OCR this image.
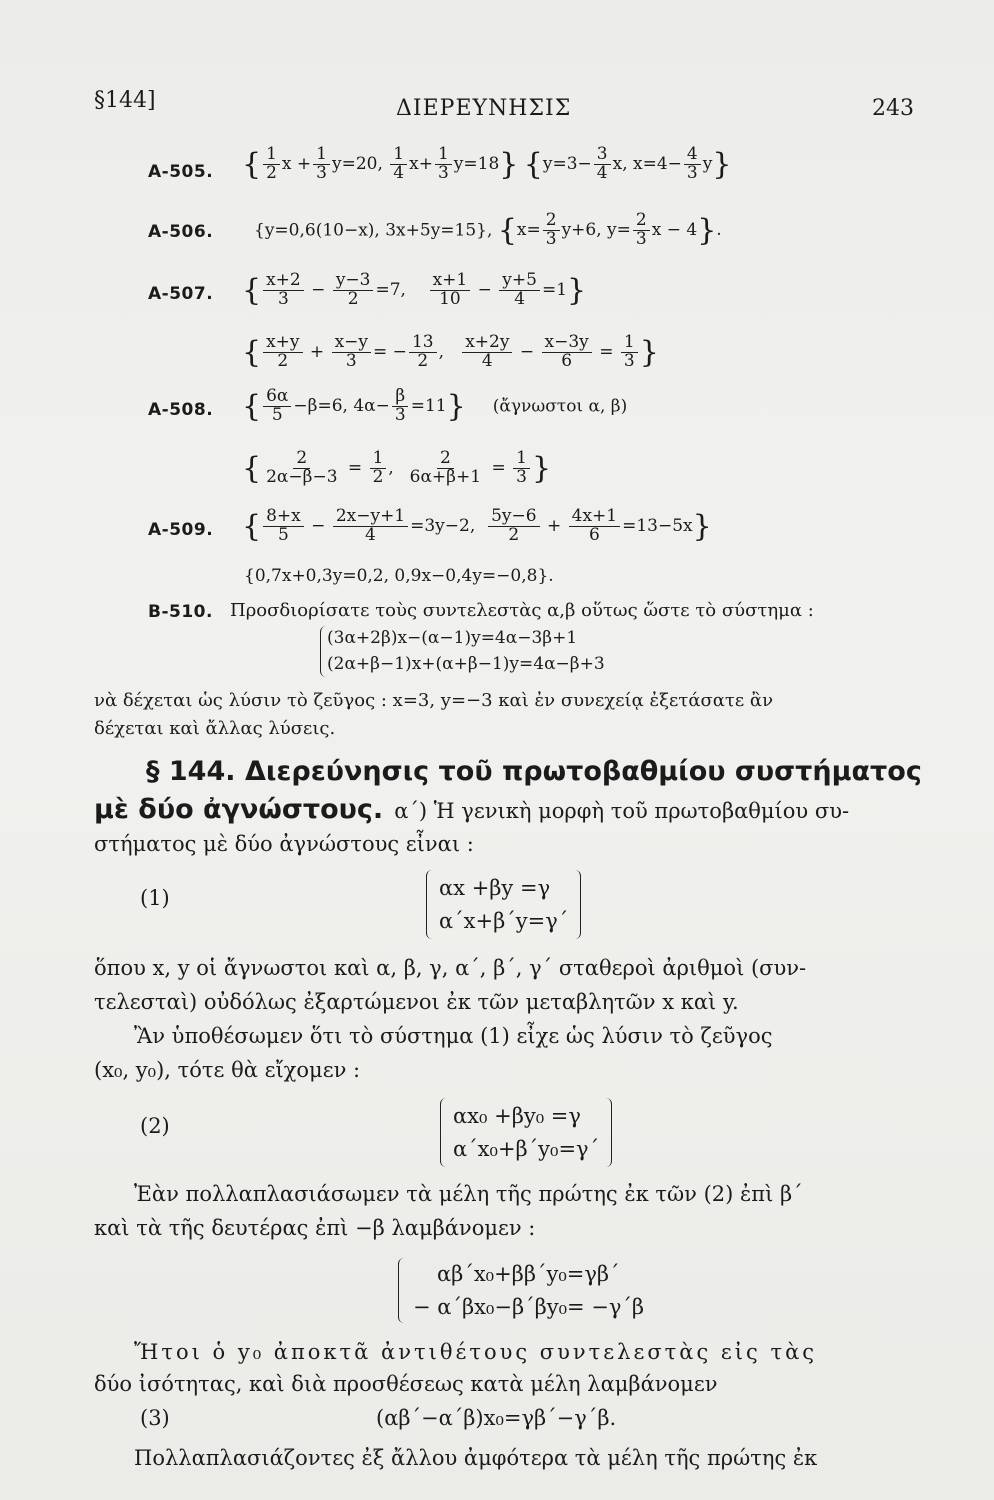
§144]	ΔΙΕΡΕΥΝΗΣΙΣ	243
Α-505. { $\frac{1}{2}$ $x + \frac{1}{3} y=20$, $\frac{1}{4} x+ \frac{1}{3} y=18$} {$y=3- \frac{3}{4} x$, $x=4- \frac{4}{3} y$}
Α-506. {y=0,6(10−x), 3x+5y=15}, {$x= \frac{2}{3} y+6$, $y= \frac{2}{3}$ x − 4}.
Α-507. { $\frac{x+2}{3} - \frac{y-3}{2} =7$, $\frac{x+1}{10} - \frac{y+5}{4} =1$}
{ $\frac{x+y}{2} + \frac{x-y}{3}$ = − $\frac{13}{2}$ , $\frac{x+2y}{4} - \frac{x-3y}{6} = \frac{1}{3}$ }
Α-508. { $\frac{6\alpha}{5} -\beta=6$, $4\alpha- \frac{\beta}{3} =11$} (ἄγνωστοι α, β)
{ $\frac{2}{2\alpha-\beta-3} = \frac{1}{2}$ , $\frac{2}{6\alpha+\beta+1} = \frac{1}{3}$ }
Α-509. { $\frac{8+x}{5} - \frac{2x-y+1}{4} =3y-2$, $\frac{5y-6}{2} + \frac{4x+1}{6} =13-5x$}
{0,7x+0,3y=0,2, 0,9x−0,4y=−0,8}.
Β-510. Προσδιορίσατε τοὺς συντελεστὰς α,β οὕτως ὥστε τὸ σύστημα :
(3α+2β)x−(α−1)y=4α−3β+1
(2α+β−1)x+(α+β−1)y=4α−β+3
νὰ δέχεται ὡς λύσιν τὸ ζεῦγος : x=3, y=−3 καὶ ἐν συνεχείᾳ ἐξετάσατε ἂν
δέχεται καὶ ἄλλας λύσεις.
§ 144. Διερεύνησις τοῦ πρωτοβαθμίου συστήματος
μὲ δύο ἀγνώστους. α΄) Ἡ γενικὴ μορφὴ τοῦ πρωτοβαθμίου συ-
στήματος μὲ δύο ἀγνώστους εἶναι :
(1)	αx +βy =γ
α΄x+β΄y=γ΄
ὅπου x, y οἱ ἄγνωστοι καὶ α, β, γ, α΄, β΄, γ΄ σταθεροὶ ἀριθμοὶ (συν-
τελεσταὶ) οὐδόλως ἐξαρτώμενοι ἐκ τῶν μεταβλητῶν x καὶ y.
Ἂν ὑποθέσωμεν ὅτι τὸ σύστημα (1) εἶχε ὡς λύσιν τὸ ζεῦγος
(x₀, y₀), τότε θὰ εἴχομεν :
(2)	αx₀ +βy₀ =γ
α΄x₀+β΄y₀=γ΄
Ἐὰν πολλαπλασιάσωμεν τὰ μέλη τῆς πρώτης ἐκ τῶν (2) ἐπὶ β΄
καὶ τὰ τῆς δευτέρας ἐπὶ −β λαμβάνομεν :
αβ΄x₀+ββ΄y₀=γβ΄
− α΄βx₀−β΄βy₀= −γ΄β
Ἤτοι ὁ y₀ ἀποκτᾶ ἀντιθέτους συντελεστὰς εἰς τὰς
δύο ἰσότητας, καὶ διὰ προσθέσεως κατὰ μέλη λαμβάνομεν
(3)	(αβ΄−α΄β)x₀=γβ΄−γ΄β.
Πολλαπλασιάζοντες ἐξ ἄλλου ἀμφότερα τὰ μέλη τῆς πρώτης ἐκ
